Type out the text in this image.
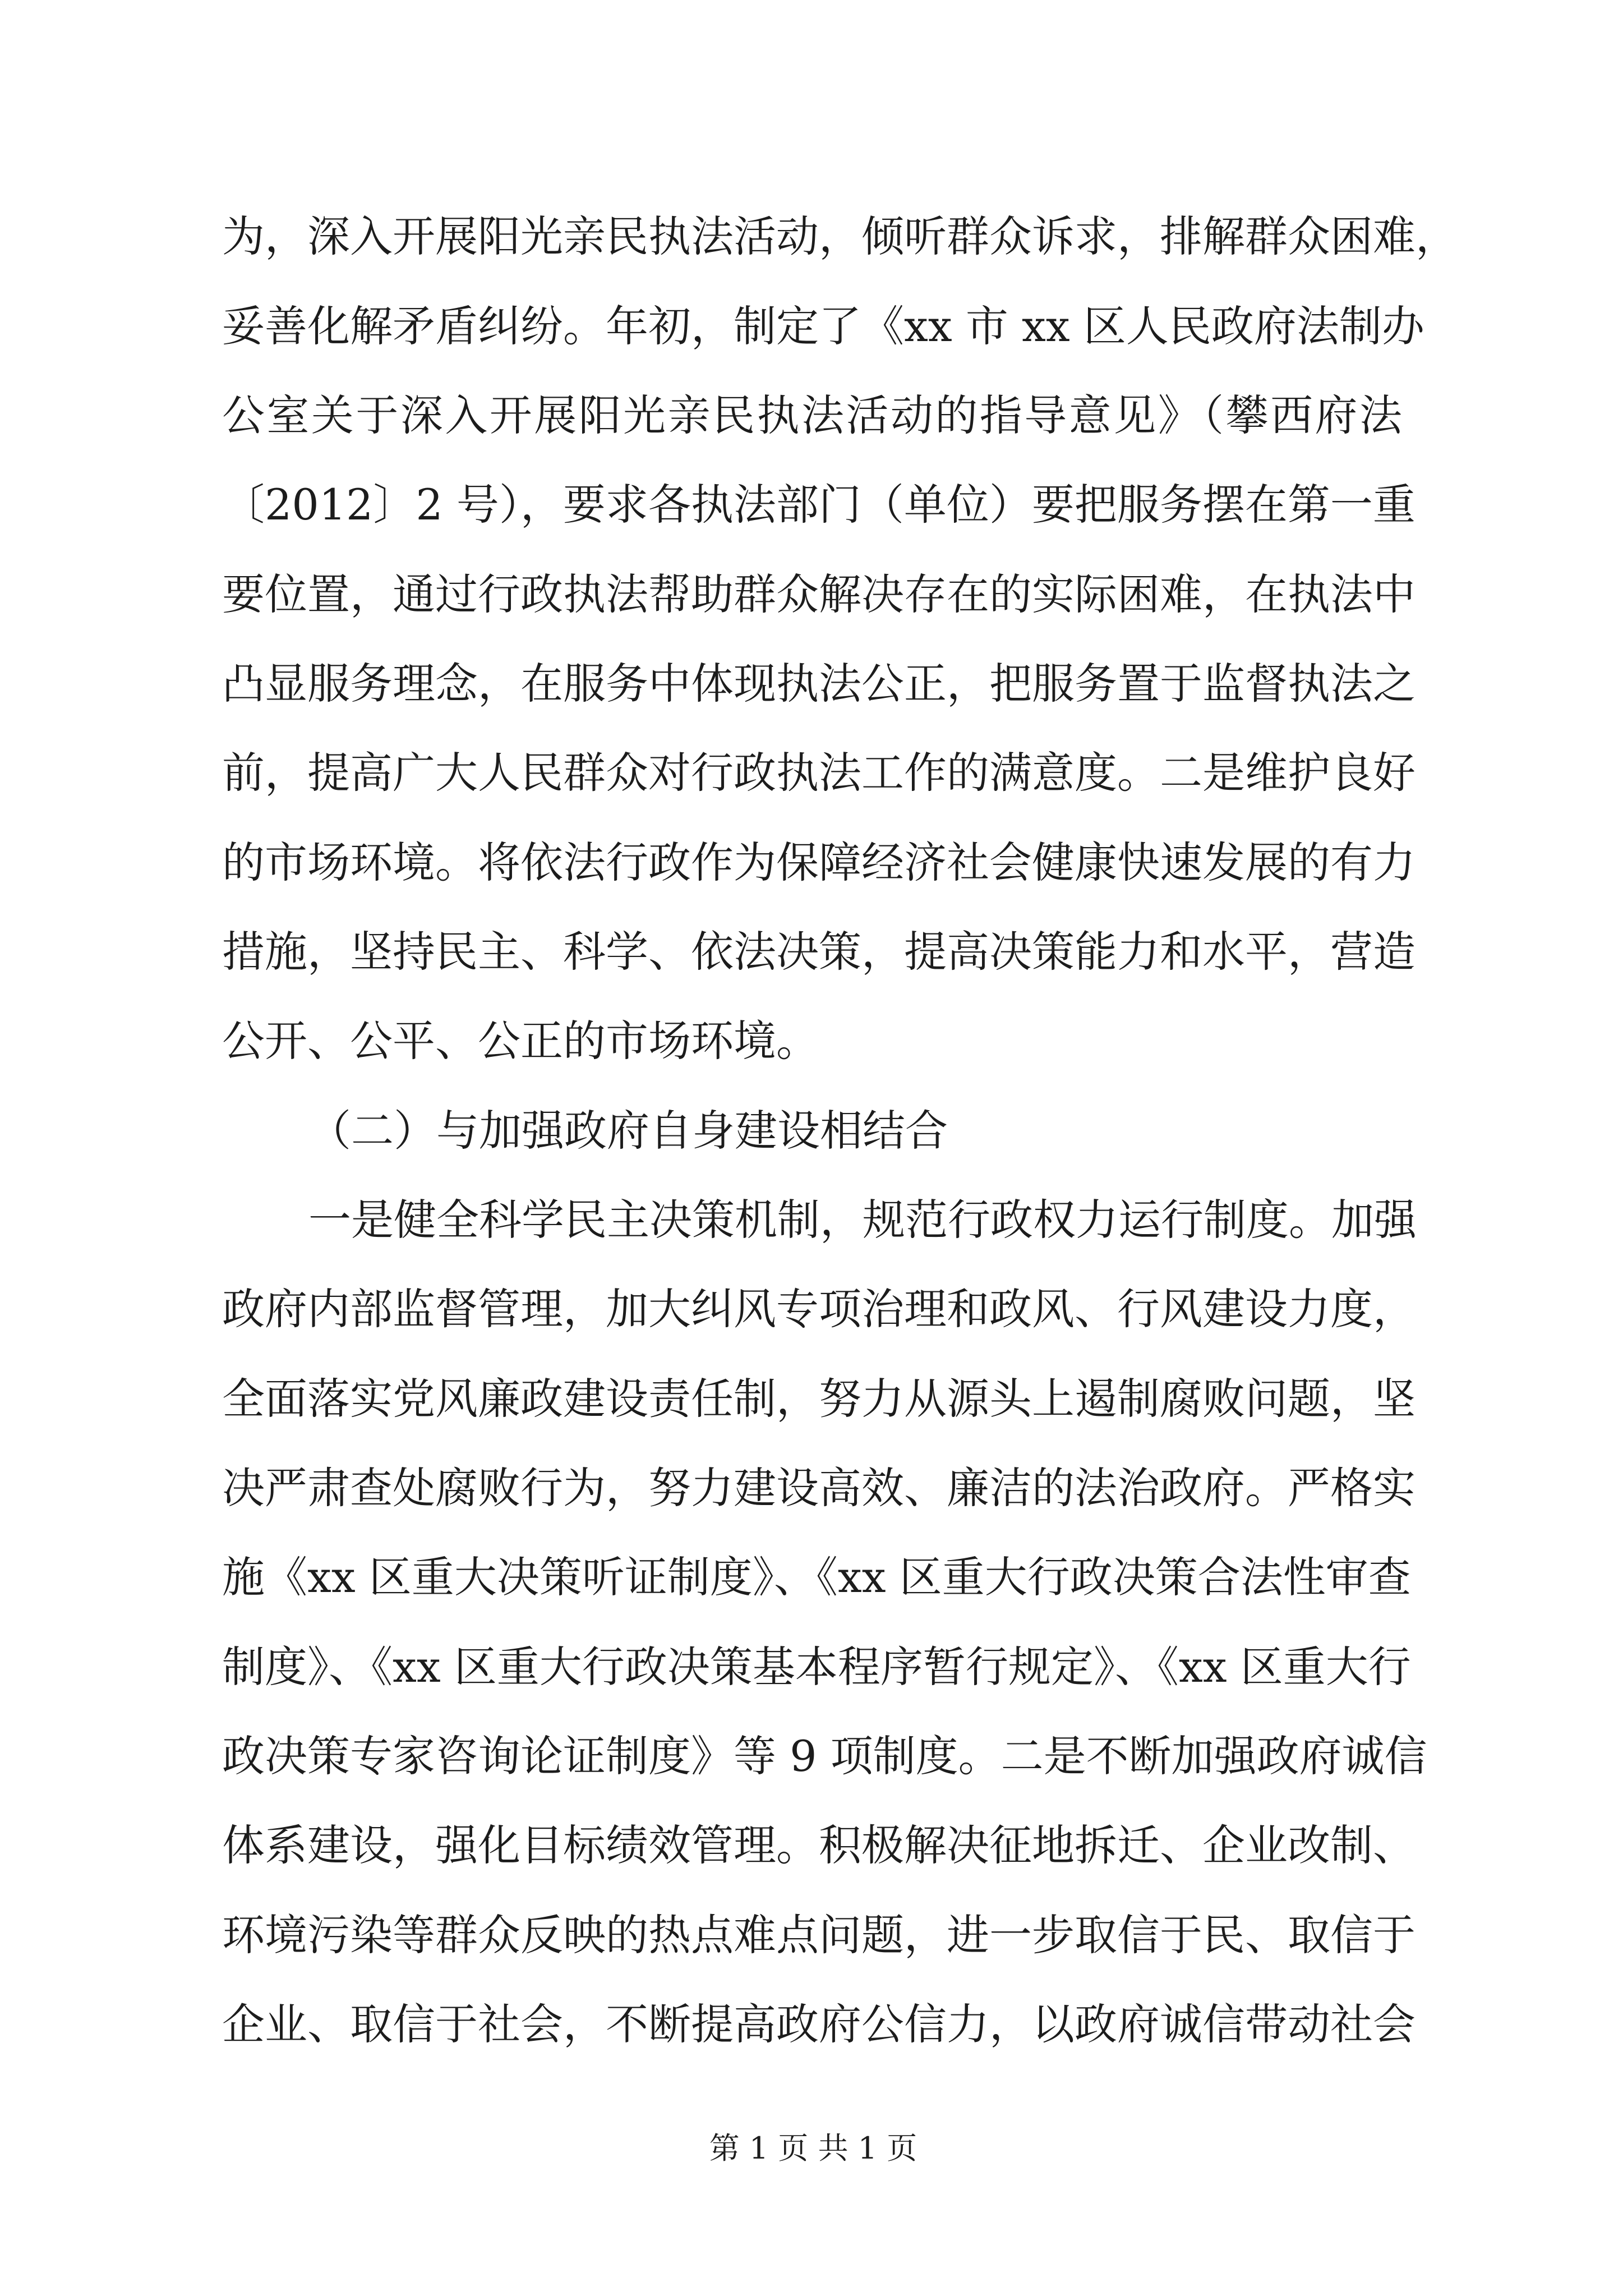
为，深入开展阳光亲民执法活动，倾听群众诉求，排解群众困难，
妥善化解矛盾纠纷。年初，制定了《xx 市 xx 区人民政府法制办
公室关于深入开展阳光亲民执法活动的指导意见》（攀西府法
〔2012〕2 号），要求各执法部门（单位）要把服务摆在第一重
要位置，通过行政执法帮助群众解决存在的实际困难，在执法中
凸显服务理念，在服务中体现执法公正，把服务置于监督执法之
前，提高广大人民群众对行政执法工作的满意度。二是维护良好
的市场环境。将依法行政作为保障经济社会健康快速发展的有力
措施，坚持民主、科学、依法决策，提高决策能力和水平，营造
公开、公平、公正的市场环境。
（二）与加强政府自身建设相结合
一是健全科学民主决策机制，规范行政权力运行制度。加强
政府内部监督管理，加大纠风专项治理和政风、行风建设力度，
全面落实党风廉政建设责任制，努力从源头上遏制腐败问题，坚
决严肃查处腐败行为，努力建设高效、廉洁的法治政府。严格实
施《xx 区重大决策听证制度》、《xx 区重大行政决策合法性审查
制度》、《xx 区重大行政决策基本程序暂行规定》、《xx 区重大行
政决策专家咨询论证制度》等 9 项制度。二是不断加强政府诚信
体系建设，强化目标绩效管理。积极解决征地拆迁、企业改制、
环境污染等群众反映的热点难点问题，进一步取信于民、取信于
企业、取信于社会，不断提高政府公信力，以政府诚信带动社会
第 1 页 共 1 页
